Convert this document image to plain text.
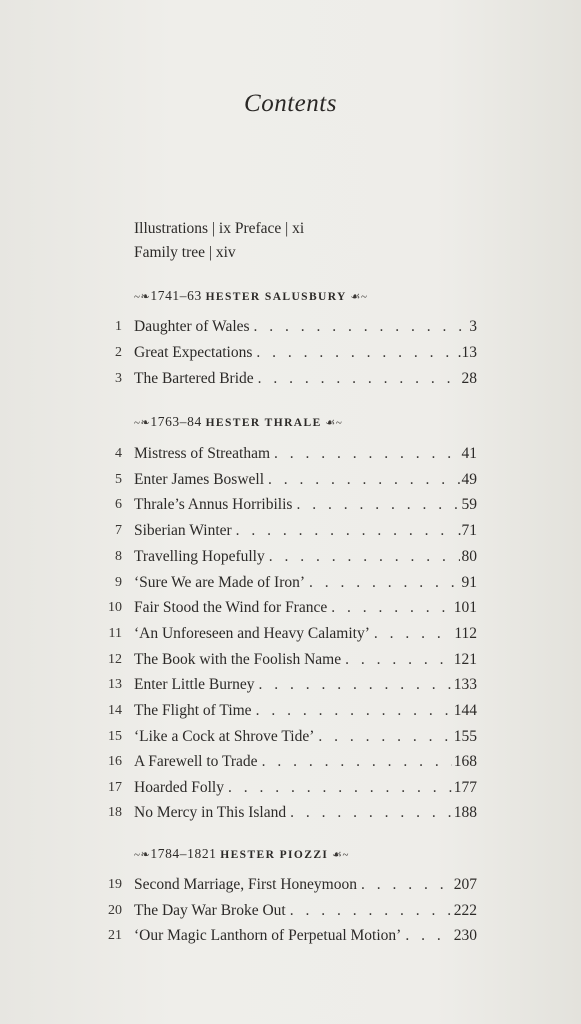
Contents
Illustrations | ix Preface | xi
Family tree | xiv
~❧1741–63 HESTER SALUSBURY ☙~
1 Daughter of Wales . . .	3
2 Great Expectations . . .	.13
3 The Bartered Bride . . .	28
~❧1763–84 HESTER THRALE ☙~
4 Mistress of Streatham . . .	41
5 Enter James Boswell . . .	49
6 Thrale’s Annus Horribilis . . .	59
7 Siberian Winter . . .	.71
8 Travelling Hopefully . . .	80
9 ‘Sure We are Made of Iron’ . . .	91
10 Fair Stood the Wind for France . . .	101
11 ‘An Unforeseen and Heavy Calamity’ . . .	112
12 The Book with the Foolish Name . . .	121
13 Enter Little Burney . . .	133
14 The Flight of Time . . .	144
15 ‘Like a Cock at Shrove Tide’ . . .	155
16 A Farewell to Trade . . .	168
17 Hoarded Folly . . .	177
18 No Mercy in This Island . . .	188
~❧1784–1821 HESTER PIOZZI ☙~
19 Second Marriage, First Honeymoon . . .	207
20 The Day War Broke Out . . .	222
21 ‘Our Magic Lanthorn of Perpetual Motion’ . . .	230
